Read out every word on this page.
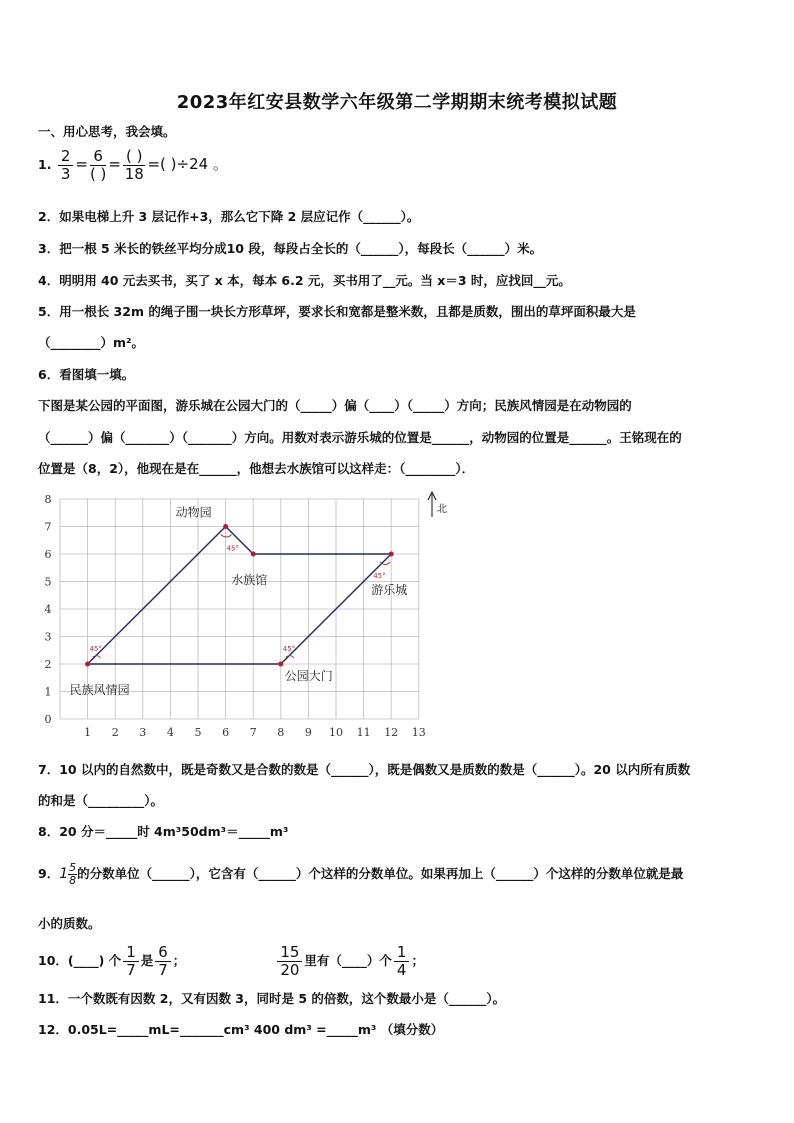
2023年红安县数学六年级第二学期期末统考模拟试题
一、用心思考，我会填。
1. $\frac{2}{3} = \frac{6}{( )} = \frac{( )}{18}$ =( )÷24 。
2．如果电梯上升 3 层记作+3，那么它下降 2 层应记作（______）。
3．把一根 5 米长的铁丝平均分成10 段，每段占全长的（______），每段长（______）米。
4．明明用 40 元去买书，买了 x 本，每本 6.2 元，买书用了__元。当 x＝3 时，应找回__元。
5．用一根长 32m 的绳子围一块长方形草坪，要求长和宽都是整米数，且都是质数，围出的草坪面积最大是
（________）m²。
6．看图填一填。
下图是某公园的平面图，游乐城在公园大门的（_____）偏（____）（_____）方向；民族风情园是在动物园的
（______）偏（_______）（_______）方向。用数对表示游乐城的位置是______，动物园的位置是______。王铭现在的
位置是（8，2），他现在是在______，他想去水族馆可以这样走：（________）．
1 2 3 4 5 6 7 8 9 10 11 12 13
0
1
2
3
4
5
6
7
8
45°	45°
45°
45°
动物园
水族馆
游乐城
公园大门
民族风情园
北
7．10 以内的自然数中，既是奇数又是合数的数是（______），既是偶数又是质数的数是（______）。20 以内所有质数
的和是（_________）。
8．20 分＝_____时 4m³50dm³＝_____m³
9．$1 \frac{5}{8}$的分数单位（______），它含有（______）个这样的分数单位。如果再加上（______）个这样的分数单位就是最
小的质数。
10．(____) 个 $\frac{1}{7}$ 是 $\frac{6}{7}$ ；	$\frac{15}{20}$ 里有（____）个 $\frac{1}{4}$ ；
11．一个数既有因数 2，又有因数 3，同时是 5 的倍数，这个数最小是（______）。
12．0.05L=_____mL=_______cm³ 400 dm³ =_____m³ （填分数）
